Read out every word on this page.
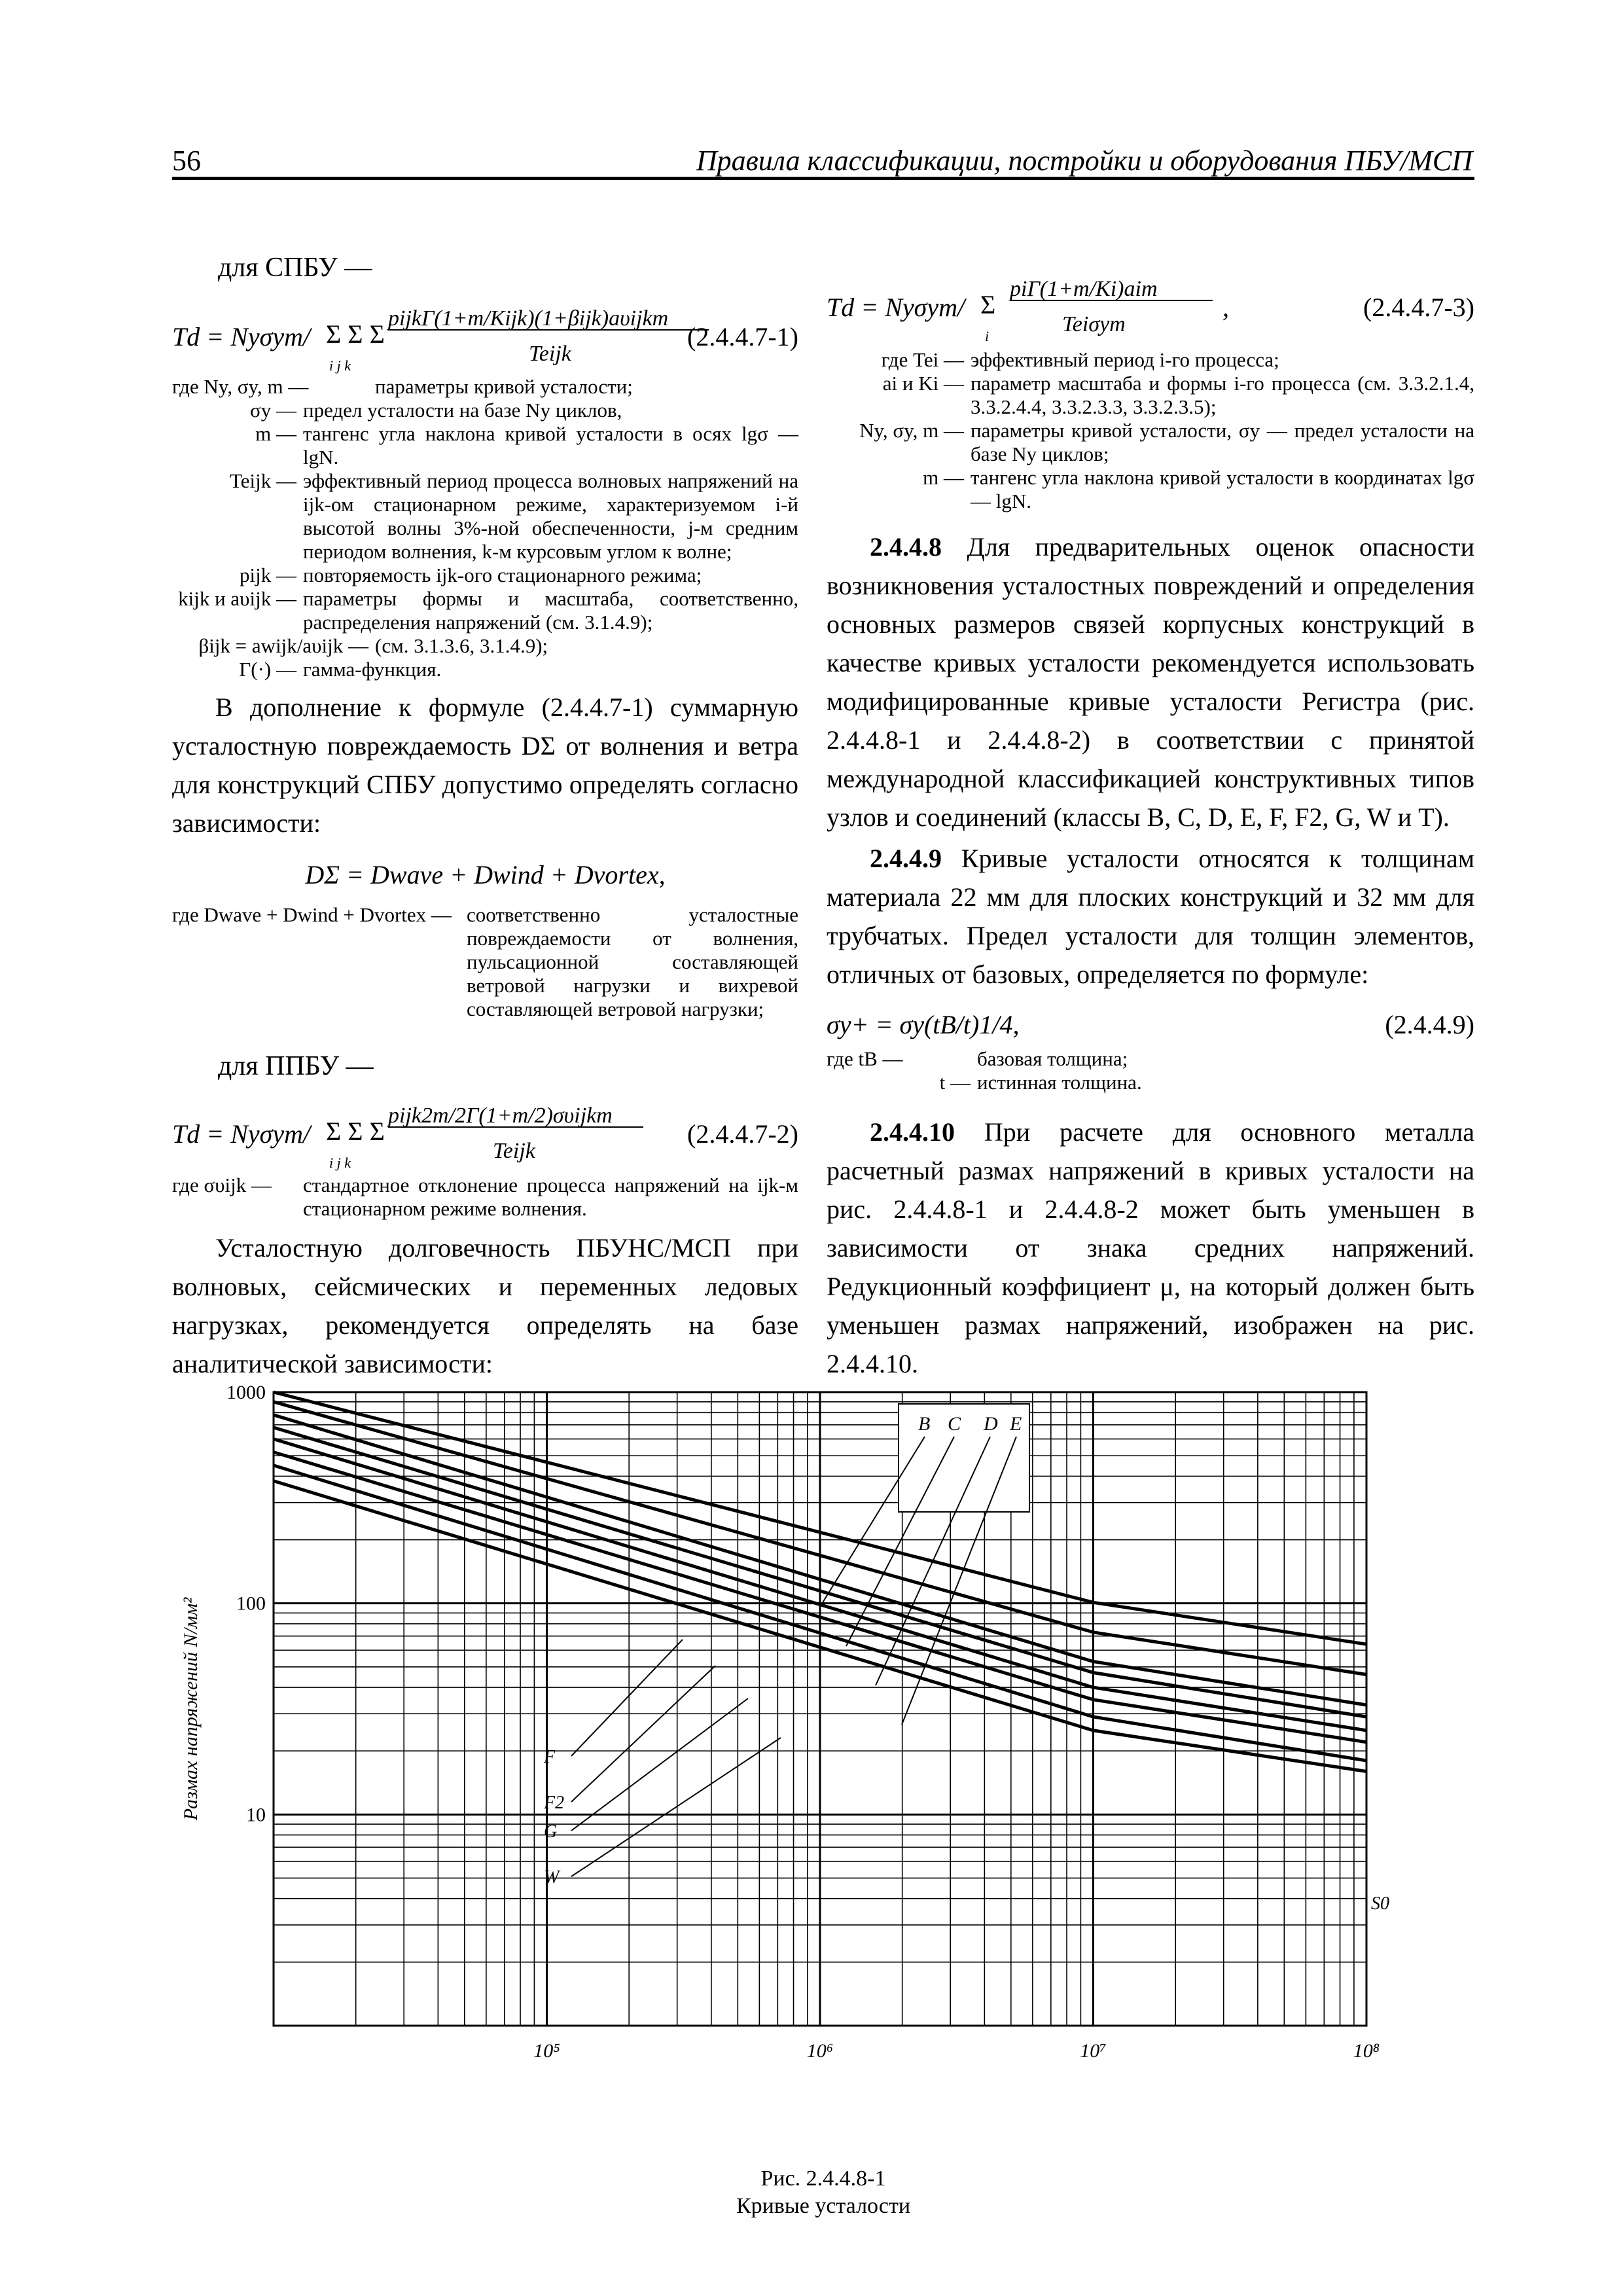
56	Правила классификации, постройки и оборудования ПБУ/МСП

для СПБУ —

Td = Nyσym/ Σ Σ Σ
i j k
pijkΓ(1+m/Kijk)(1+βijk)aυijkm
Teijk
(2.4.4.7-1)
где Ny, σy, m —	параметры кривой усталости;
σy — предел усталости на базе Ny циклов,
m — тангенс угла наклона кривой усталости в осях lgσ — lgN.
Teijk — эффективный период процесса волновых напряжений на ijk-ом стационарном режиме, характеризуемом i-й высотой волны 3%-ной обеспеченности, j-м средним периодом волнения, k-м курсовым углом к волне;
pijk — повторяемость ijk-ого стационарного режима;
kijk и aυijk — параметры формы и масштаба, соответственно, распределения напряжений (см. 3.1.4.9);
βijk = awijk/aυijk — (см. 3.1.3.6, 3.1.4.9);
Γ(·) — гамма-функция.

В дополнение к формуле (2.4.4.7-1) суммарную усталостную повреждаемость DΣ от волнения и ветра для конструкций СПБУ допустимо определять согласно зависимости:

DΣ = Dwave + Dwind + Dvortex,

где Dwave + Dwind + Dvortex — соответственно усталостные повреждаемости от волнения, пульсационной составляющей ветровой нагрузки и вихревой составляющей ветровой нагрузки;

для ППБУ —

Td = Nyσym/ Σ Σ Σ
i j k
pijk2m/2Γ(1+m/2)συijkm
Teijk
(2.4.4.7-2)
где συijk —	стандартное отклонение процесса напряжений на ijk-м стационарном режиме волнения.

Усталостную долговечность ПБУНС/МСП при волновых, сейсмических и переменных ледовых нагрузках, рекомендуется определять на базе аналитической зависимости:

Td = Nyσym/ Σ
i
piΓ(1+m/Ki)aim
Teiσym
,	(2.4.4.7-3)
где Tei — эффективный период i-го процесса;
ai и Ki — параметр масштаба и формы i-го процесса (см. 3.3.2.1.4, 3.3.2.4.4, 3.3.2.3.3, 3.3.2.3.5);
Ny, σy, m — параметры кривой усталости, σy — предел усталости на базе Ny циклов;
m — тангенс угла наклона кривой усталости в координатах lgσ — lgN.

2.4.4.8 Для предварительных оценок опасности возникновения усталостных повреждений и определения основных размеров связей корпусных конструкций в качестве кривых усталости рекомендуется использовать модифицированные кривые усталости Регистра (рис. 2.4.4.8-1 и 2.4.4.8-2) в соответствии с принятой международной классификацией конструктивных типов узлов и соединений (классы B, C, D, E, F, F2, G, W и T).

2.4.4.9 Кривые усталости относятся к толщинам материала 22 мм для плоских конструкций и 32 мм для трубчатых. Предел усталости для толщин элементов, отличных от базовых, определяется по формуле:

σy+ = σy(tB/t)1/4,	(2.4.4.9)
где tB —	базовая толщина;
t — истинная толщина.

2.4.4.10 При расчете для основного металла расчетный размах напряжений в кривых усталости на рис. 2.4.4.8-1 и 2.4.4.8-2 может быть уменьшен в зависимости от знака средних напряжений. Редукционный коэффициент μ, на который должен быть уменьшен размах напряжений, изображен на рис. 2.4.4.10.

B C D E
F
F2
G
W
S0
1000
100
10
10⁵	10⁶	10⁷	10⁸
Размах напряжений N/мм²
Рис. 2.4.4.8-1
Кривые усталости
